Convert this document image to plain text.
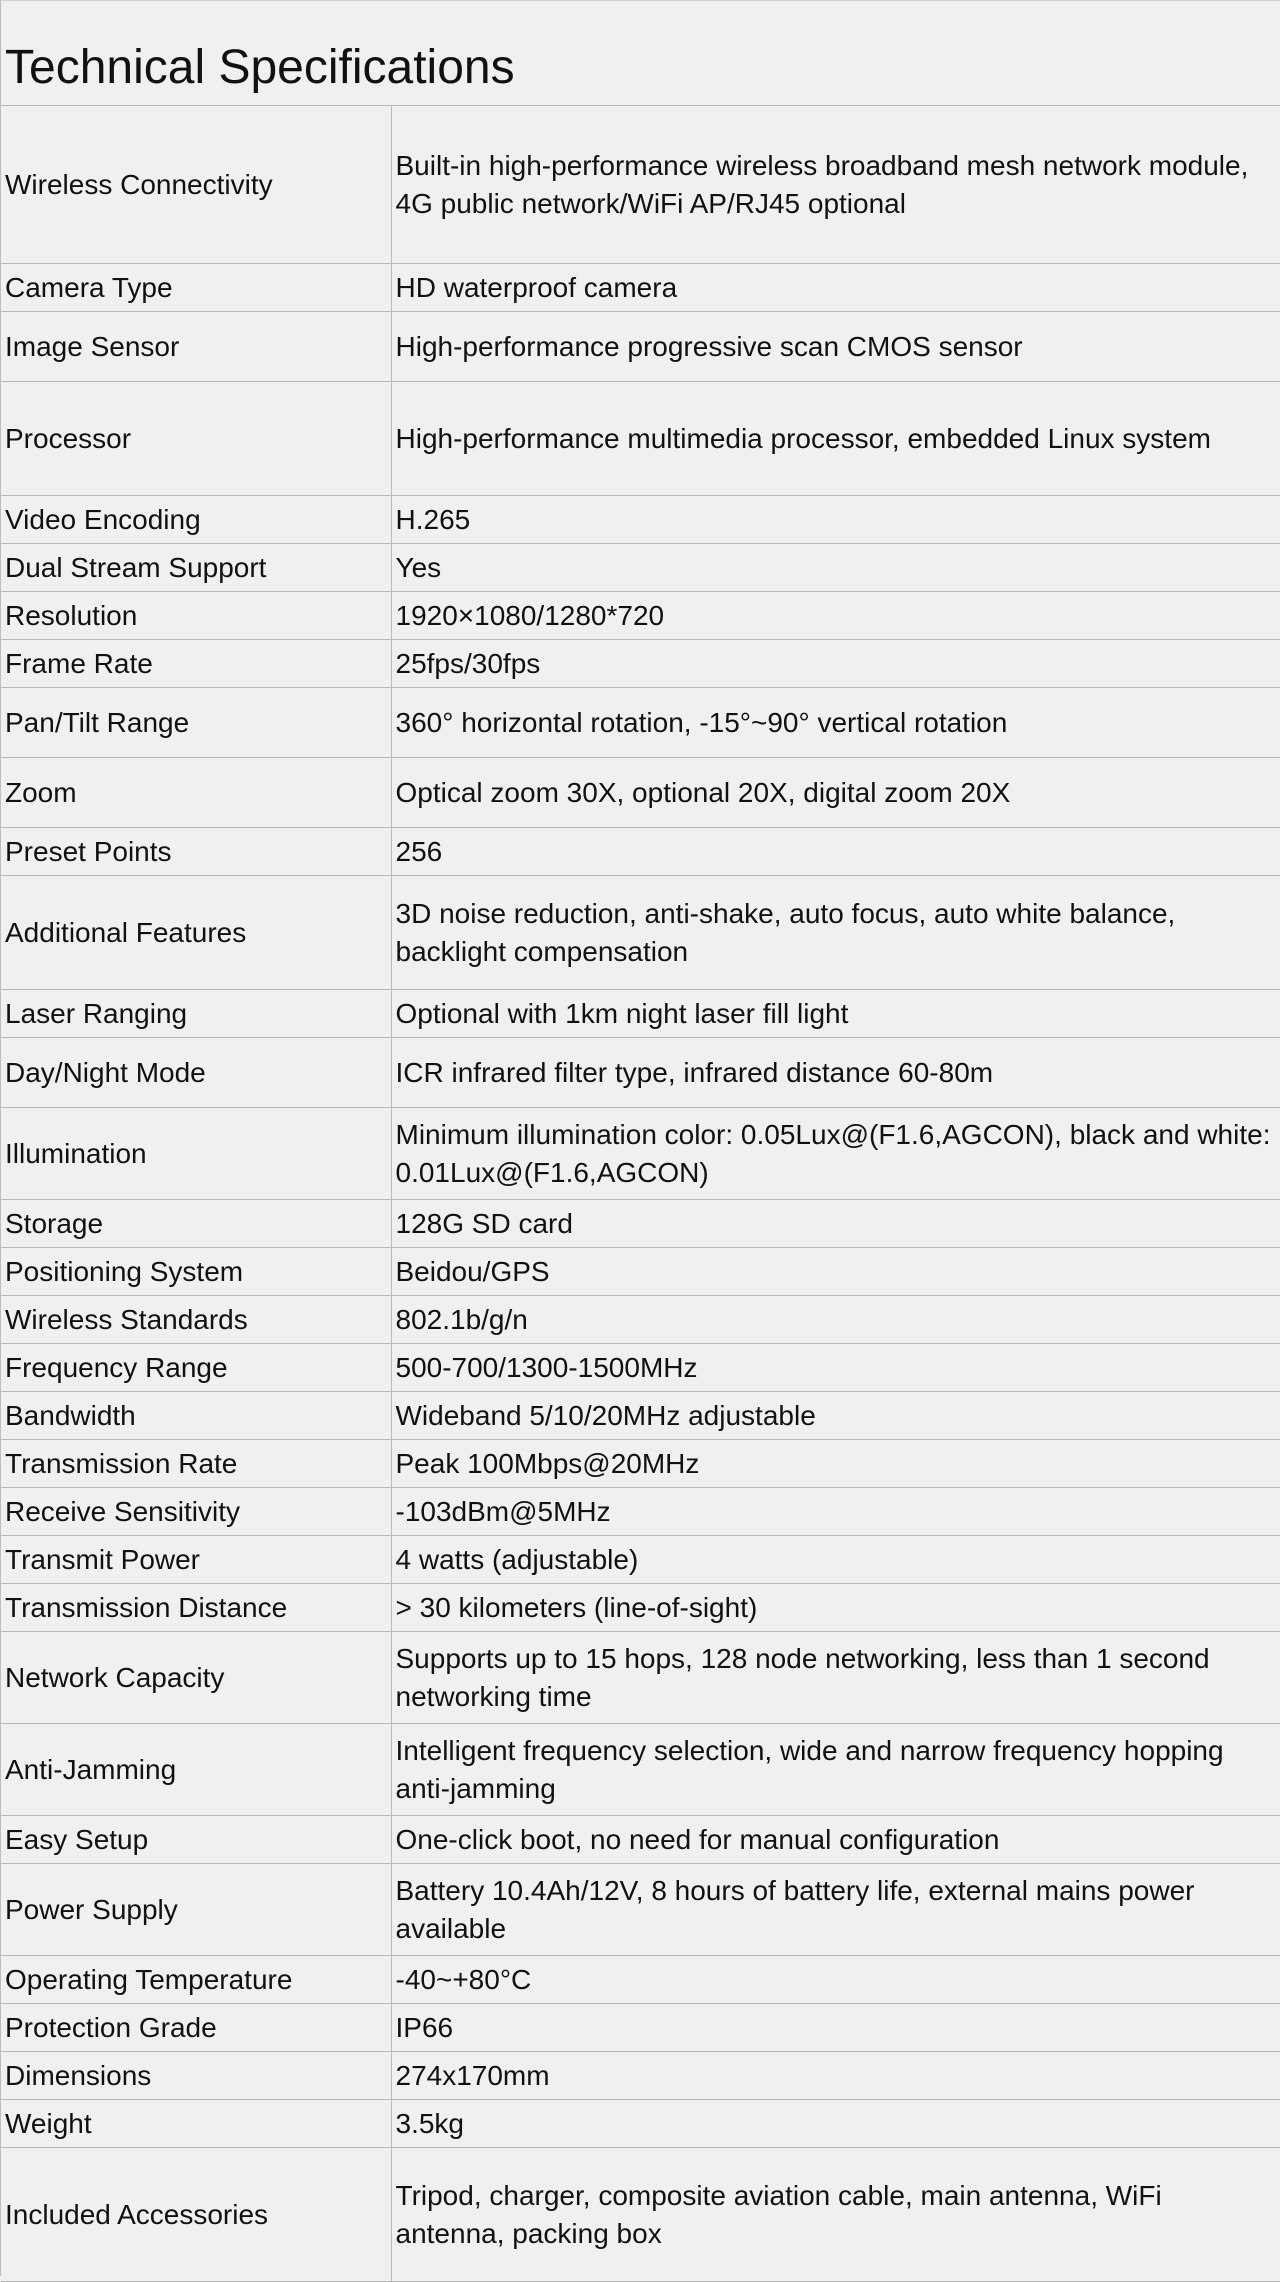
Technical Specifications
Wireless Connectivity	Built-in high-performance wireless broadband mesh network module, 4G public network/WiFi AP/RJ45 optional
Camera Type	HD waterproof camera
Image Sensor	High-performance progressive scan CMOS sensor
Processor	High-performance multimedia processor, embedded Linux system
Video Encoding	H.265
Dual Stream Support	Yes
Resolution	1920×1080/1280*720
Frame Rate	25fps/30fps
Pan/Tilt Range	360° horizontal rotation, -15°~90° vertical rotation
Zoom	Optical zoom 30X, optional 20X, digital zoom 20X
Preset Points	256
Additional Features	3D noise reduction, anti-shake, auto focus, auto white balance, backlight compensation
Laser Ranging	Optional with 1km night laser fill light
Day/Night Mode	ICR infrared filter type, infrared distance 60-80m
Illumination	Minimum illumination color: 0.05Lux@(F1.6,AGCON), black and white: 0.01Lux@(F1.6,AGCON)
Storage	128G SD card
Positioning System	Beidou/GPS
Wireless Standards	802.1b/g/n
Frequency Range	500-700/1300-1500MHz
Bandwidth	Wideband 5/10/20MHz adjustable
Transmission Rate	Peak 100Mbps@20MHz
Receive Sensitivity	-103dBm@5MHz
Transmit Power	4 watts (adjustable)
Transmission Distance	> 30 kilometers (line-of-sight)
Network Capacity	Supports up to 15 hops, 128 node networking, less than 1 second networking time
Anti-Jamming	Intelligent frequency selection, wide and narrow frequency hopping anti-jamming
Easy Setup	One-click boot, no need for manual configuration
Power Supply	Battery 10.4Ah/12V, 8 hours of battery life, external mains power available
Operating Temperature	-40~+80°C
Protection Grade	IP66
Dimensions	274x170mm
Weight	3.5kg
Included Accessories	Tripod, charger, composite aviation cable, main antenna, WiFi antenna, packing box
